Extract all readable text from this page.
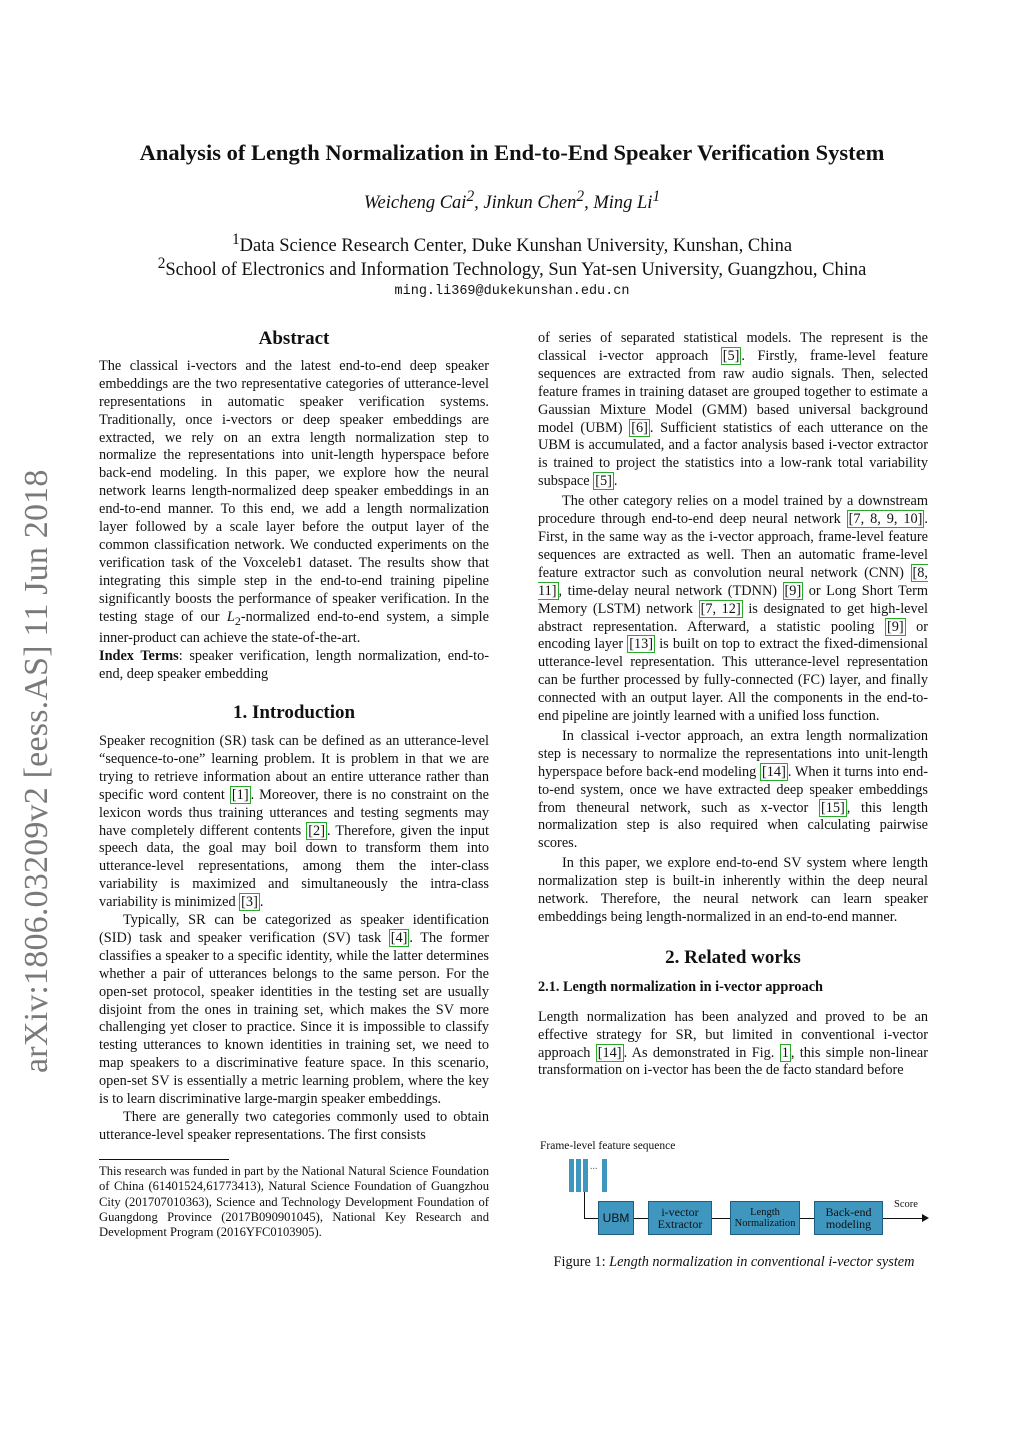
Analysis of Length Normalization in End-to-End Speaker Verification System
Weicheng Cai$^2$, Jinkun Chen$^2$, Ming Li$^1$
$^1$Data Science Research Center, Duke Kunshan University, Kunshan, China
$^2$School of Electronics and Information Technology, Sun Yat-sen University, Guangzhou, China
ming.li369@dukekunshan.edu.cn
arXiv:1806.03209v2 [eess.AS] 11 Jun 2018

Abstract

The classical i-vectors and the latest end-to-end deep speaker embeddings are the two representative categories of utterance-level representations in automatic speaker verification systems. Traditionally, once i-vectors or deep speaker embeddings are extracted, we rely on an extra length normalization step to normalize the representations into unit-length hyperspace before back-end modeling. In this paper, we explore how the neural network learns length-normalized deep speaker embeddings in an end-to-end manner. To this end, we add a length normalization layer followed by a scale layer before the output layer of the common classification network. We conducted experiments on the verification task of the Voxceleb1 dataset. The results show that integrating this simple step in the end-to-end training pipeline significantly boosts the performance of speaker verification. In the testing stage of our $L_2$-normalized end-to-end system, a simple inner-product can achieve the state-of-the-art.

Index Terms: speaker verification, length normalization, end-to-end, deep speaker embedding

1. Introduction

Speaker recognition (SR) task can be defined as an utterance-level “sequence-to-one” learning problem. It is problem in that we are trying to retrieve information about an entire utterance rather than specific word content [1] . Moreover, there is no constraint on the lexicon words thus training utterances and testing segments may have completely different contents [2] . Therefore, given the input speech data, the goal may boil down to transform them into utterance-level representations, among them the inter-class variability is maximized and simultaneously the intra-class variability is minimized [3] .

Typically, SR can be categorized as speaker identification (SID) task and speaker verification (SV) task [4] . The former classifies a speaker to a specific identity, while the latter determines whether a pair of utterances belongs to the same person. For the open-set protocol, speaker identities in the testing set are usually disjoint from the ones in training set, which makes the SV more challenging yet closer to practice. Since it is impossible to classify testing utterances to known identities in training set, we need to map speakers to a discriminative feature space. In this scenario, open-set SV is essentially a metric learning problem, where the key is to learn discriminative large-margin speaker embeddings.

There are generally two categories commonly used to obtain utterance-level speaker representations. The first consists

This research was funded in part by the National Natural Science Foundation of China (61401524,61773413), Natural Science Foundation of Guangzhou City (201707010363), Science and Technology Development Foundation of Guangdong Province (2017B090901045), National Key Research and Development Program (2016YFC0103905).

of series of separated statistical models. The represent is the classical i-vector approach [5] . Firstly, frame-level feature sequences are extracted from raw audio signals. Then, selected feature frames in training dataset are grouped together to estimate a Gaussian Mixture Model (GMM) based universal background model (UBM) [6] . Sufficient statistics of each utterance on the UBM is accumulated, and a factor analysis based i-vector extractor is trained to project the statistics into a low-rank total variability subspace [5] .

The other category relies on a model trained by a downstream procedure through end-to-end deep neural network [7, 8, 9, 10] . First, in the same way as the i-vector approach, frame-level feature sequences are extracted as well. Then an automatic frame-level feature extractor such as convolution neural network (CNN) [8, 11] , time-delay neural network (TDNN) [9] or Long Short Term Memory (LSTM) network [7, 12] is designated to get high-level abstract representation. Afterward, a statistic pooling [9] or encoding layer [13] is built on top to extract the fixed-dimensional utterance-level representation. This utterance-level representation can be further processed by fully-connected (FC) layer, and finally connected with an output layer. All the components in the end-to-end pipeline are jointly learned with a unified loss function.

In classical i-vector approach, an extra length normalization step is necessary to normalize the representations into unit-length hyperspace before back-end modeling [14] . When it turns into end-to-end system, once we have extracted deep speaker embeddings from theneural network, such as x-vector [15] , this length normalization step is also required when calculating pairwise scores.

In this paper, we explore end-to-end SV system where length normalization step is built-in inherently within the deep neural network. Therefore, the neural network can learn speaker embeddings being length-normalized in an end-to-end manner.

2. Related works

2.1. Length normalization in i-vector approach

Length normalization has been analyzed and proved to be an effective strategy for SR, but limited in conventional i-vector approach [14] . As demonstrated in Fig. 1 , this simple non-linear transformation on i-vector has been the de facto standard before

Frame-level feature sequence
...
UBM	i-vector Extractor
Length Normalization
Back-end modeling
Score
Figure 1: Length normalization in conventional i-vector system
